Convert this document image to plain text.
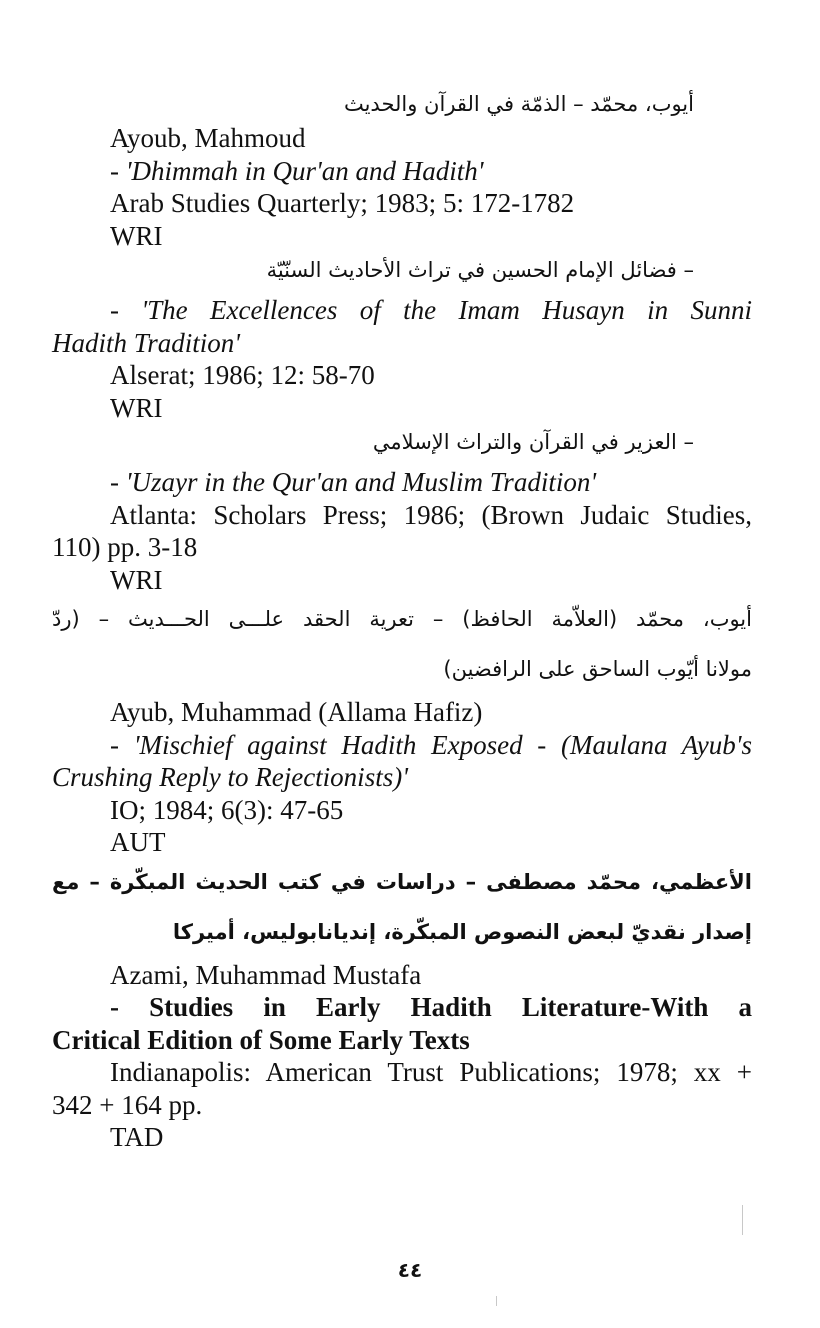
أيوب، محمّد – الذمّة في القرآن والحديث
Ayoub, Mahmoud
- 'Dhimmah in Qur'an and Hadith'
Arab Studies Quarterly; 1983; 5: 172-1782
WRI
– فضائل الإمام الحسين في تراث الأحاديث السنّيّة
- 'The Excellences of the Imam Husayn in Sunni
Hadith Tradition'
Alserat; 1986; 12: 58-70
WRI
– العزير في القرآن والتراث الإسلامي
- 'Uzayr in the Qur'an and Muslim Tradition'
Atlanta: Scholars Press; 1986; (Brown Judaic Studies,
110) pp. 3-18
WRI
أيوب، محمّد (العلاّمة الحافظ) – تعرية الحقد علـــى الحـــديث – (ردّ
مولانا أيّوب الساحق على الرافضين)
Ayub, Muhammad (Allama Hafiz)
- 'Mischief against Hadith Exposed - (Maulana Ayub's
Crushing Reply to Rejectionists)'
IO; 1984; 6(3): 47-65
AUT
الأعظمي، محمّد مصطفى – دراسات في كتب الحديث المبكّرة – مع
إصدار نقديّ لبعض النصوص المبكّرة، إنديانابوليس، أميركا
Azami, Muhammad Mustafa
- Studies in Early Hadith Literature-With a
Critical Edition of Some Early Texts
Indianapolis: American Trust Publications; 1978; xx +
342 + 164 pp.
TAD
٤٤
